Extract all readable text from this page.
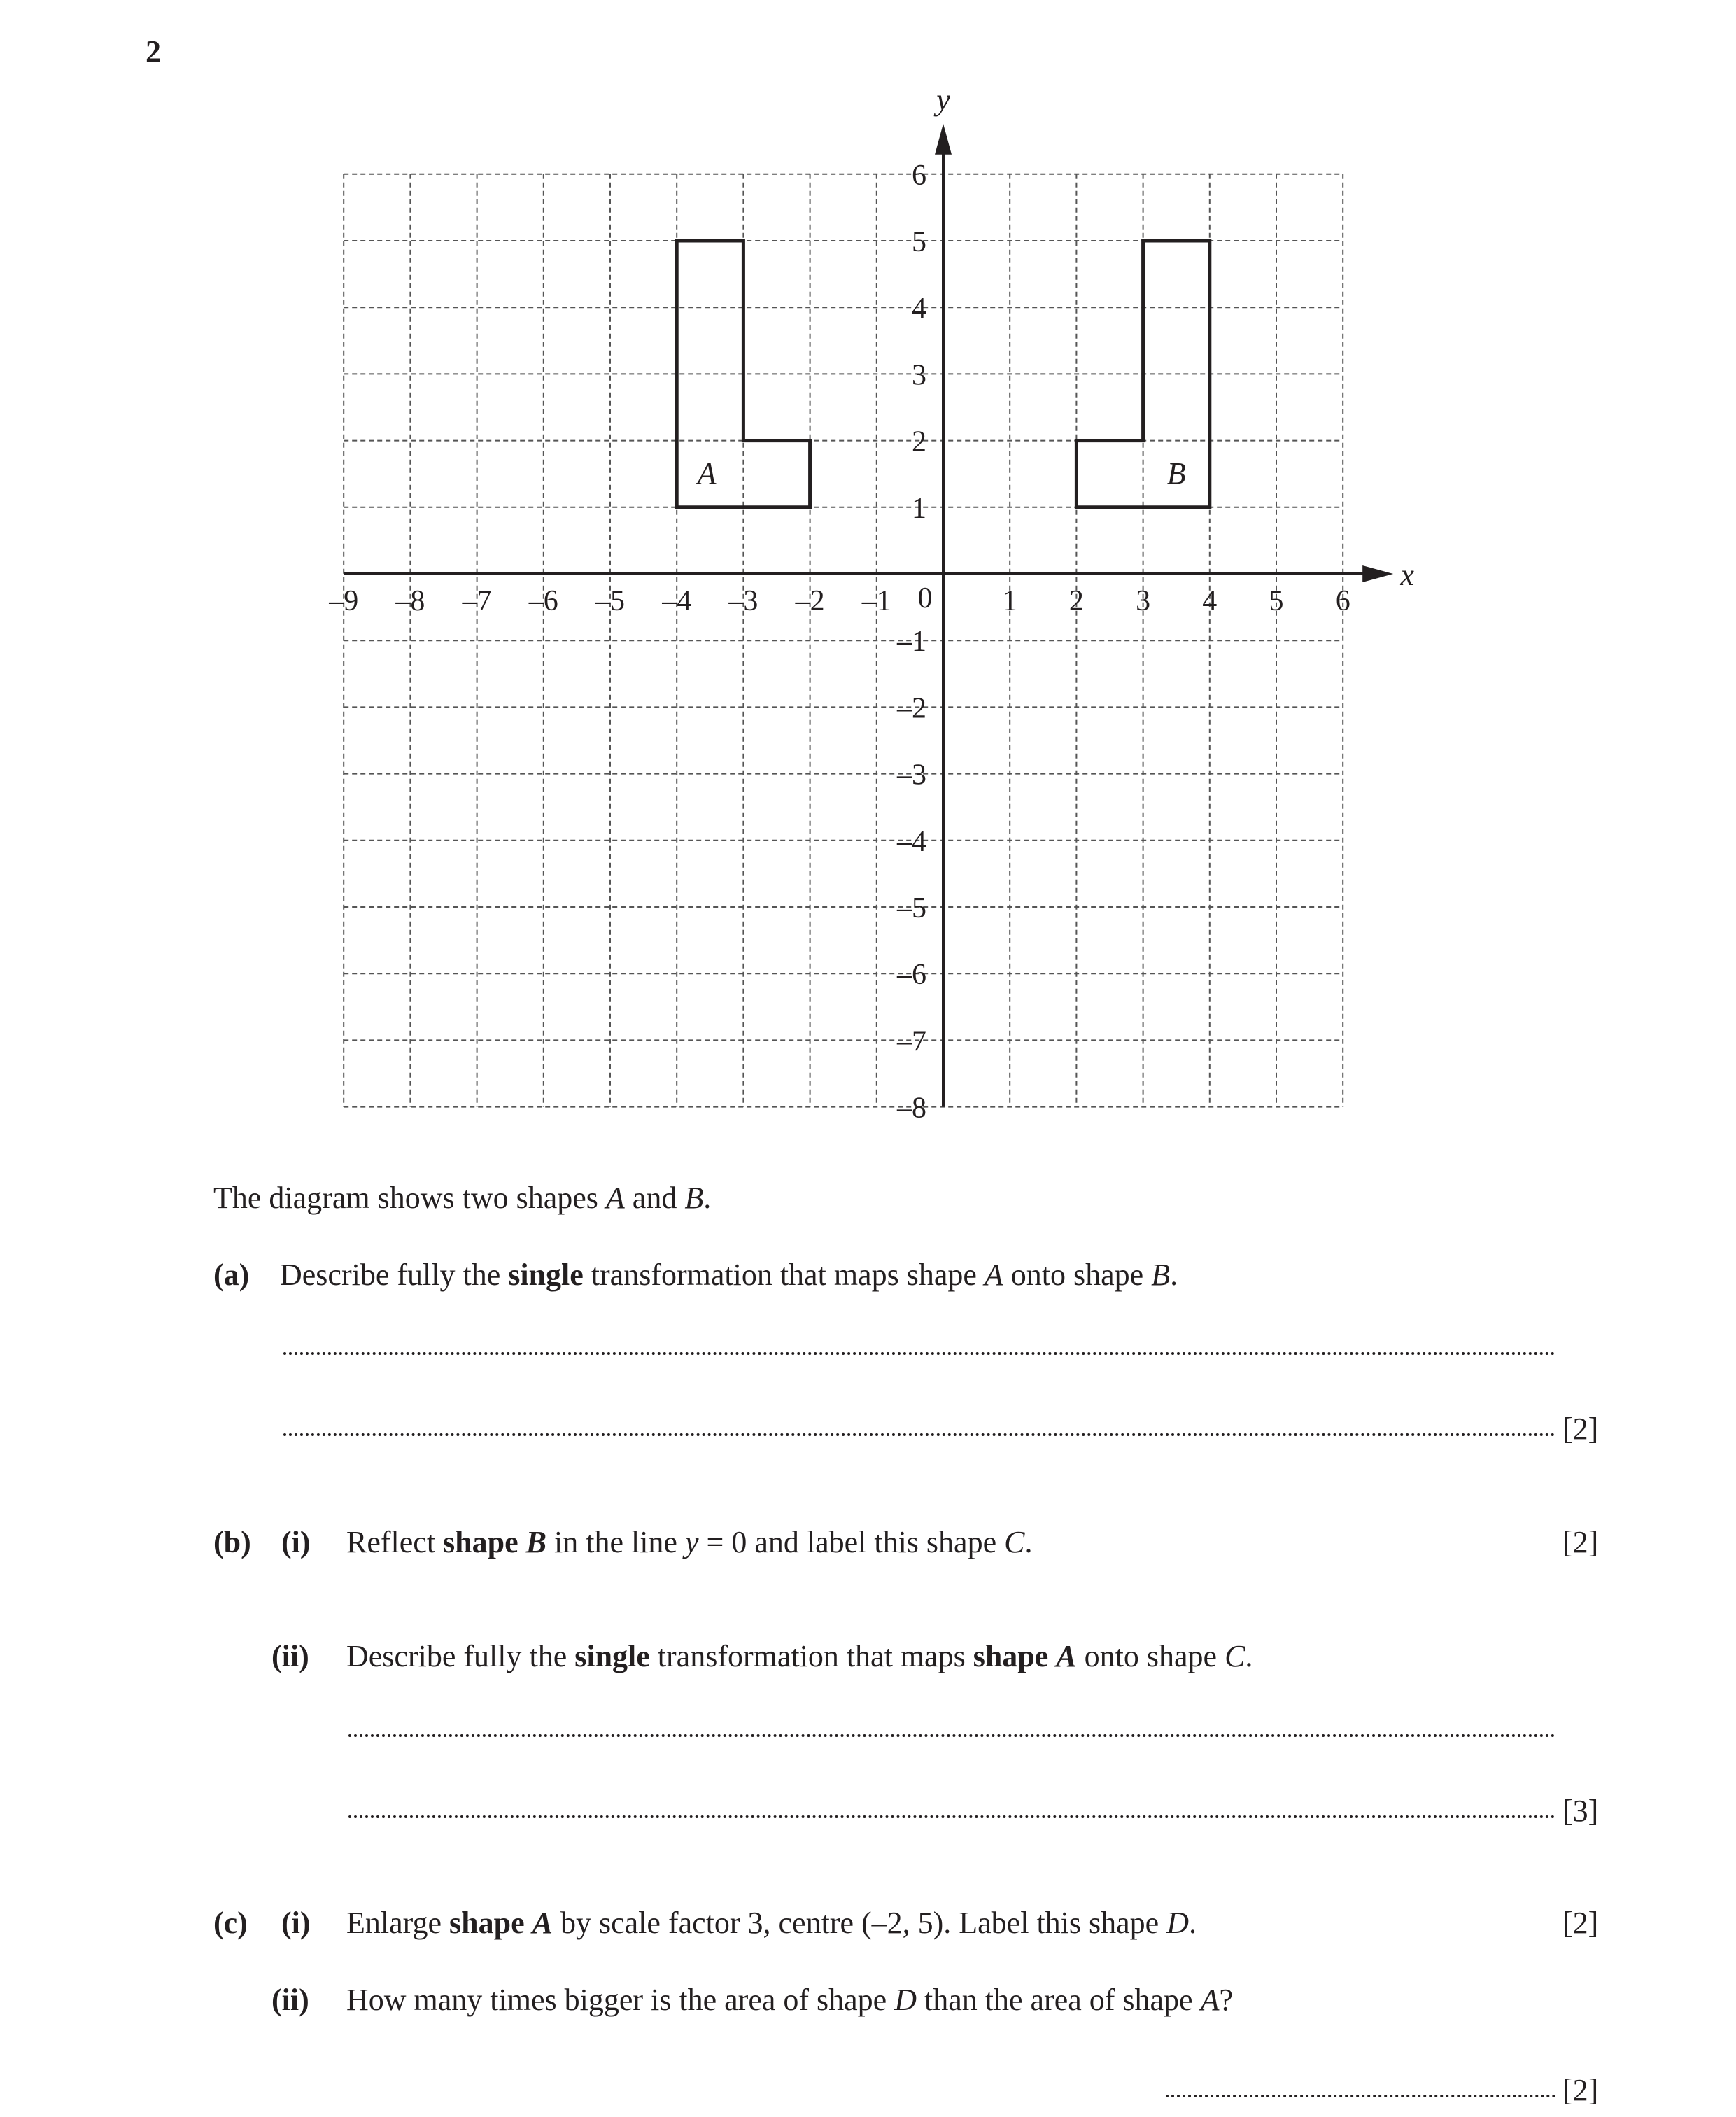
2
x
y
–9 –8 –7 –6 –5 –4 –3 –2 –1	1 2 3 4 5 6
0
6
5
4
3
2
1
–1
–2
–3
–4
–5
–6
–7
–8
A	B
The diagram shows two shapes A and B.
(a) Describe fully the single transformation that maps shape A onto shape B.
[2]
(b) (i) Reflect shape B in the line y = 0 and label this shape C.	[2]
(ii) Describe fully the single transformation that maps shape A onto shape C.
[3]
(c) (i) Enlarge shape A by scale factor 3, centre (–2, 5). Label this shape D.	[2]
(ii) How many times bigger is the area of shape D than the area of shape A?
[2]
